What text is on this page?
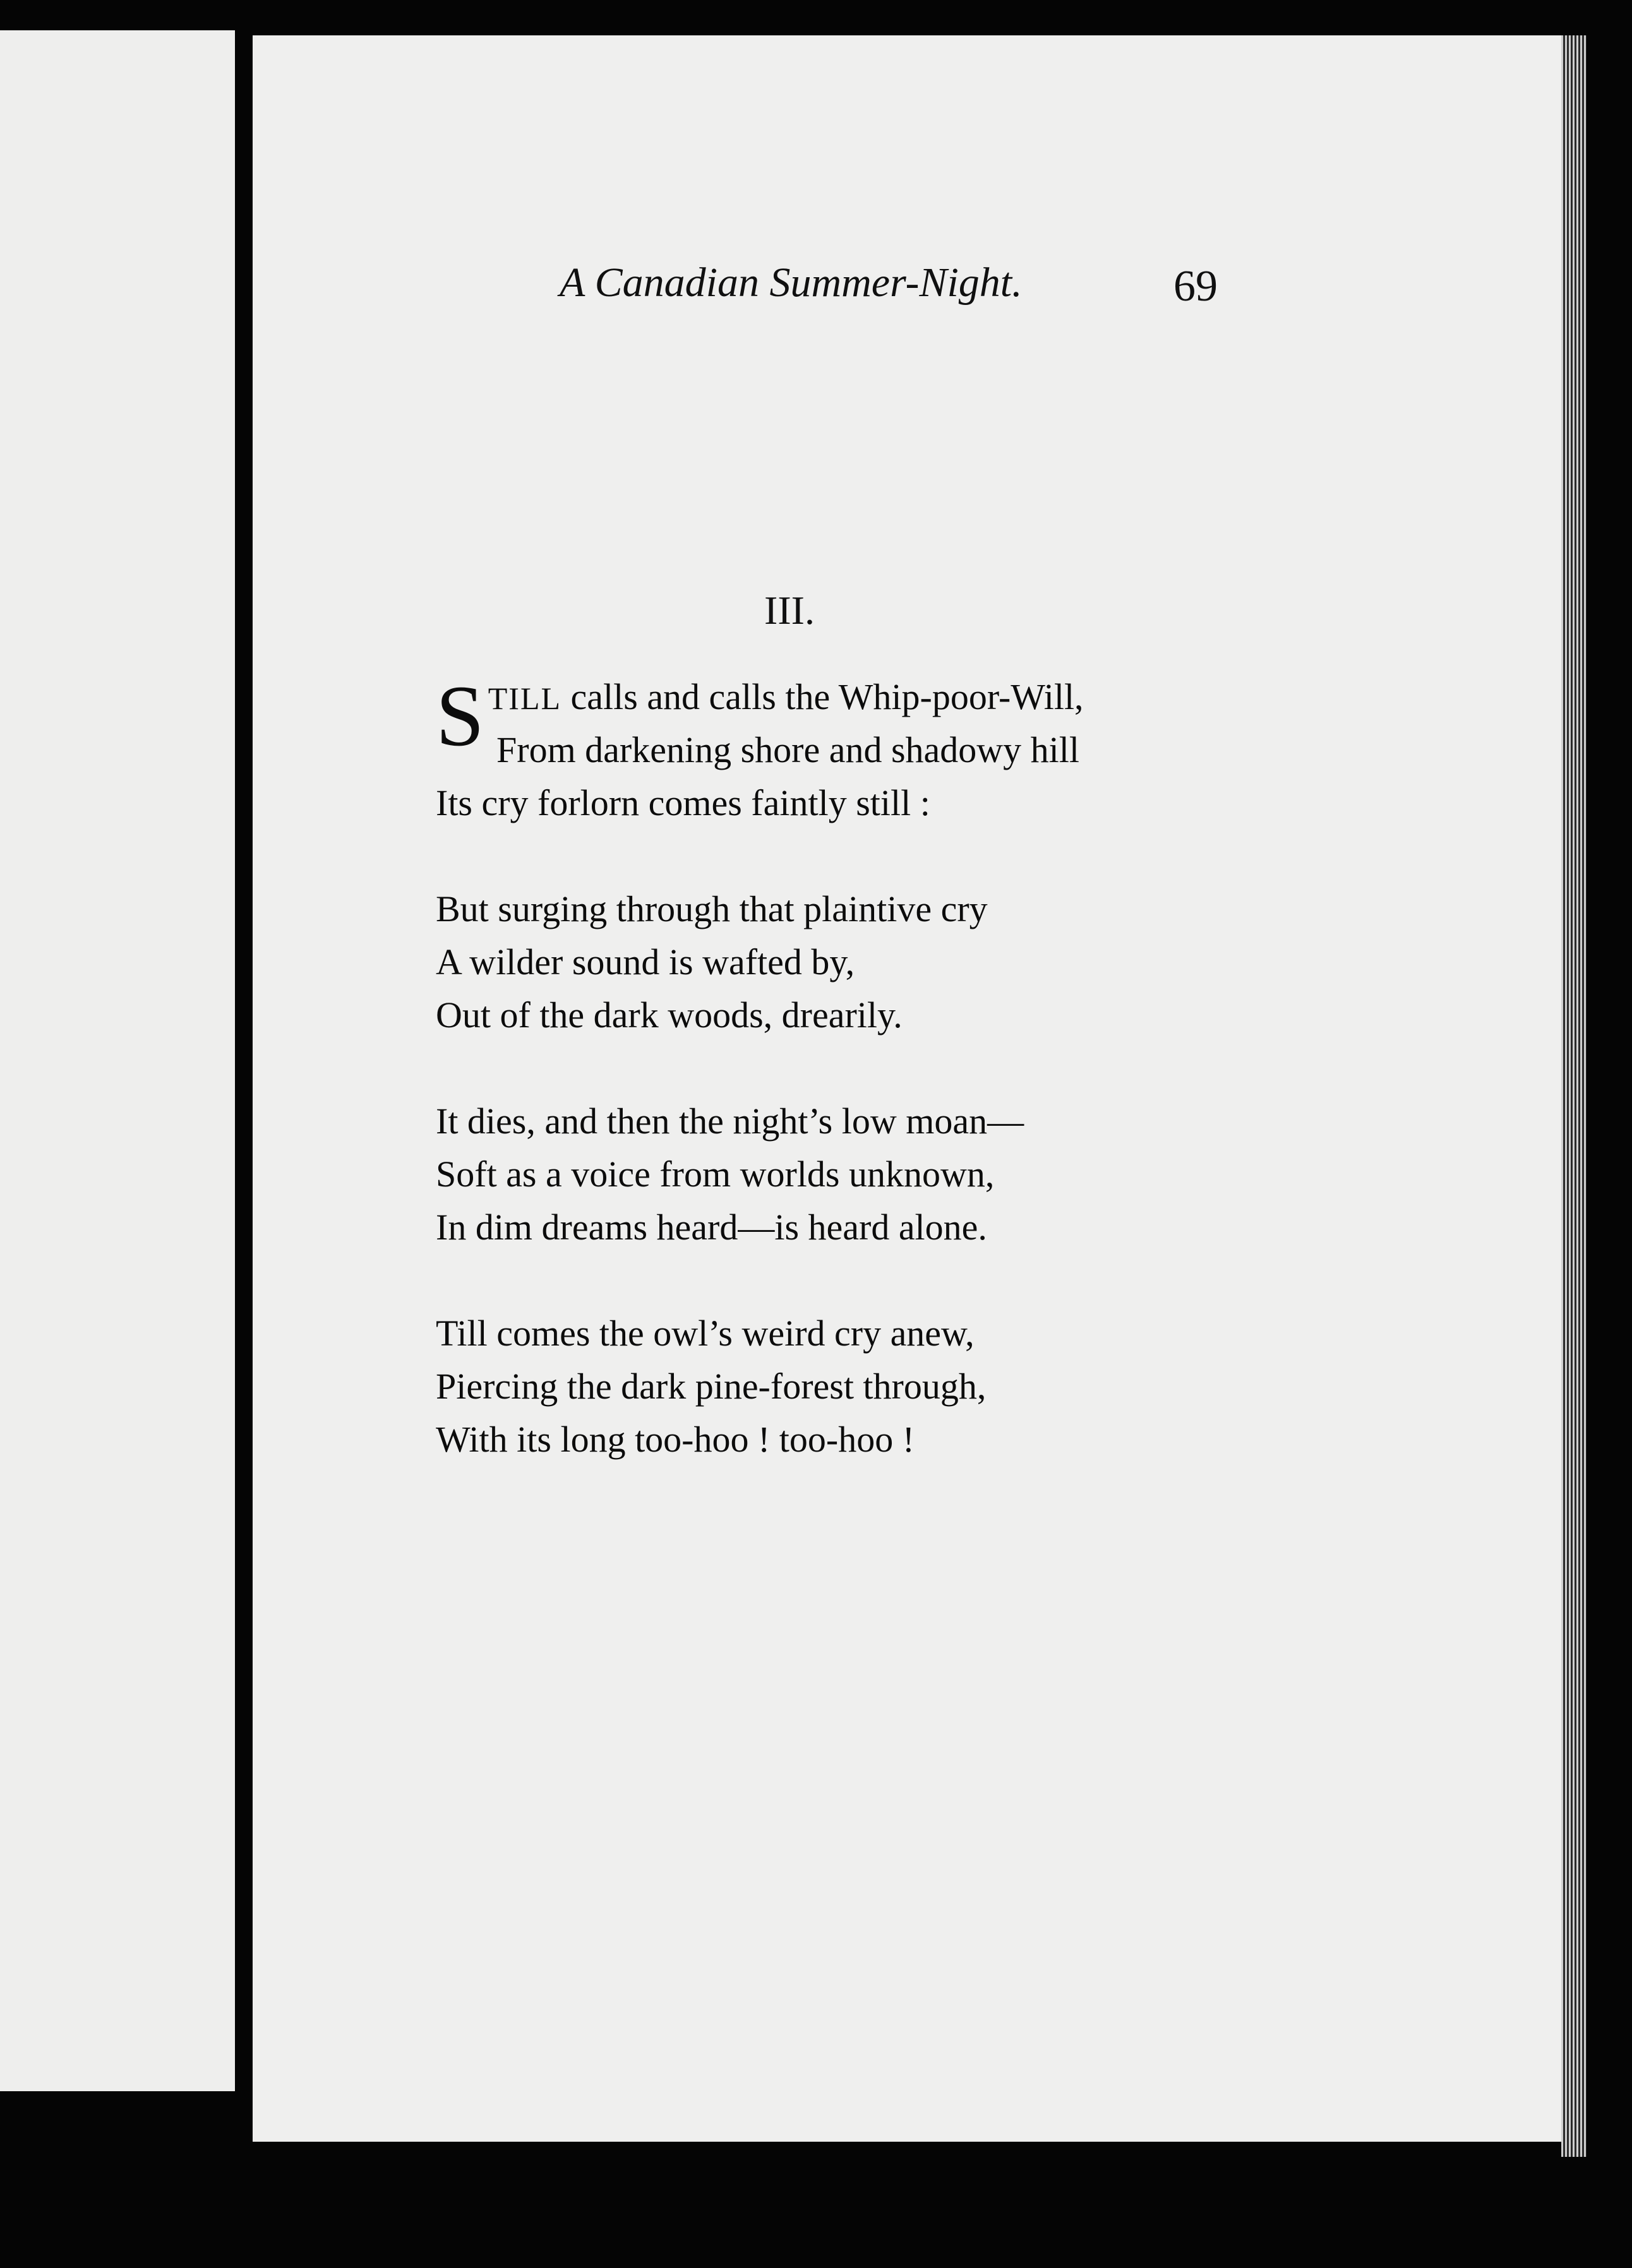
A Canadian Summer-Night.	69
III.
S TILL calls and calls the Whip-poor-Will,
From darkening shore and shadowy hill
Its cry forlorn comes faintly still :
But surging through that plaintive cry
A wilder sound is wafted by,
Out of the dark woods, drearily.
It dies, and then the night’s low moan—
Soft as a voice from worlds unknown,
In dim dreams heard—is heard alone.
Till comes the owl’s weird cry anew,
Piercing the dark pine-forest through,
With its long too-hoo ! too-hoo !
